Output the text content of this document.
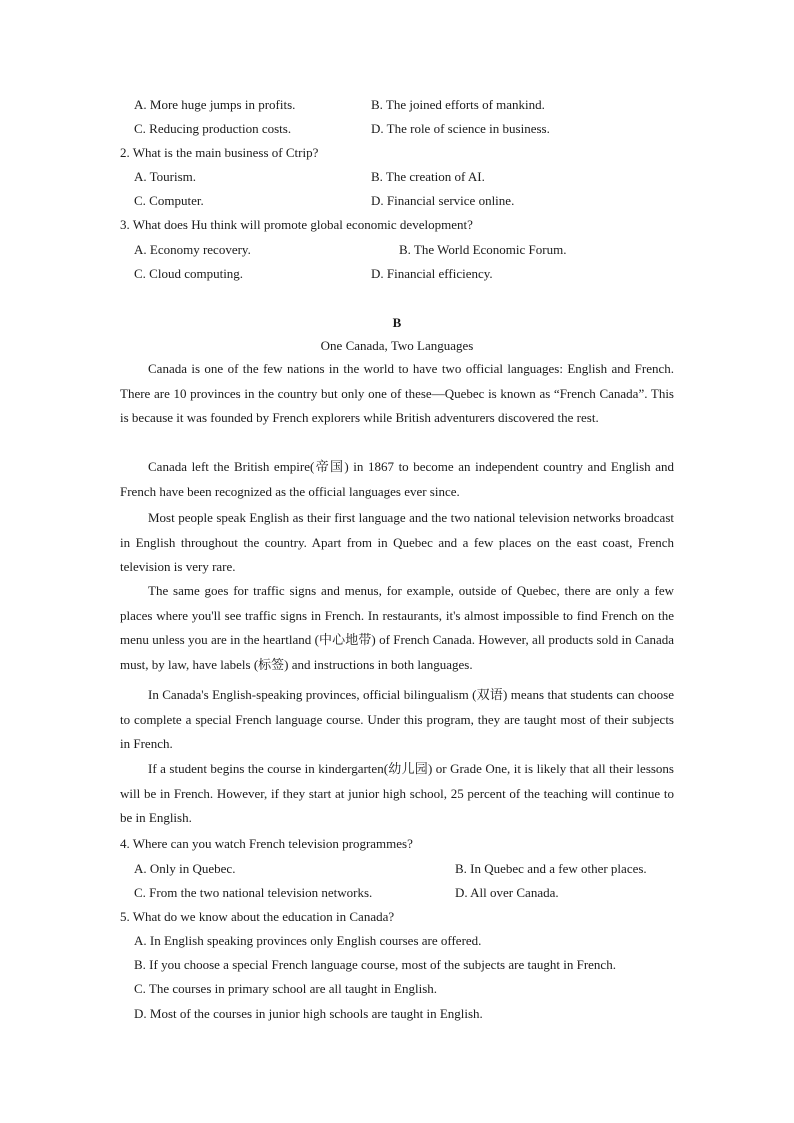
A. More huge jumps in profits.	B. The joined efforts of mankind.
C. Reducing production costs.	D. The role of science in business.
2. What is the main business of Ctrip?
A. Tourism.	B. The creation of AI.
C. Computer.	D. Financial service online.
3. What does Hu think will promote global economic development?
A. Economy recovery.	B. The World Economic Forum.
C. Cloud computing.	D. Financial efficiency.
B
One Canada, Two Languages
Canada is one of the few nations in the world to have two official languages: English and French. There are 10 provinces in the country but only one of these—Quebec is known as “French Canada”. This is because it was founded by French explorers while British adventurers discovered the rest.
Canada left the British empire(帝国) in 1867 to become an independent country and English and French have been recognized as the official languages ever since.
Most people speak English as their first language and the two national television networks broadcast in English throughout the country. Apart from in Quebec and a few places on the east coast, French television is very rare.
The same goes for traffic signs and menus, for example, outside of Quebec, there are only a few places where you'll see traffic signs in French. In restaurants, it's almost impossible to find French on the menu unless you are in the heartland (中心地带) of French Canada. However, all products sold in Canada must, by law, have labels (标签) and instructions in both languages.
In Canada's English-speaking provinces, official bilingualism (双语) means that students can choose to complete a special French language course. Under this program, they are taught most of their subjects in French.
If a student begins the course in kindergarten(幼儿园) or Grade One, it is likely that all their lessons will be in French. However, if they start at junior high school, 25 percent of the teaching will continue to be in English.
4. Where can you watch French television programmes?
A. Only in Quebec.	B. In Quebec and a few other places.
C. From the two national television networks.	D. All over Canada.
5. What do we know about the education in Canada?
A. In English speaking provinces only English courses are offered.
B. If you choose a special French language course, most of the subjects are taught in French.
C. The courses in primary school are all taught in English.
D. Most of the courses in junior high schools are taught in English.
